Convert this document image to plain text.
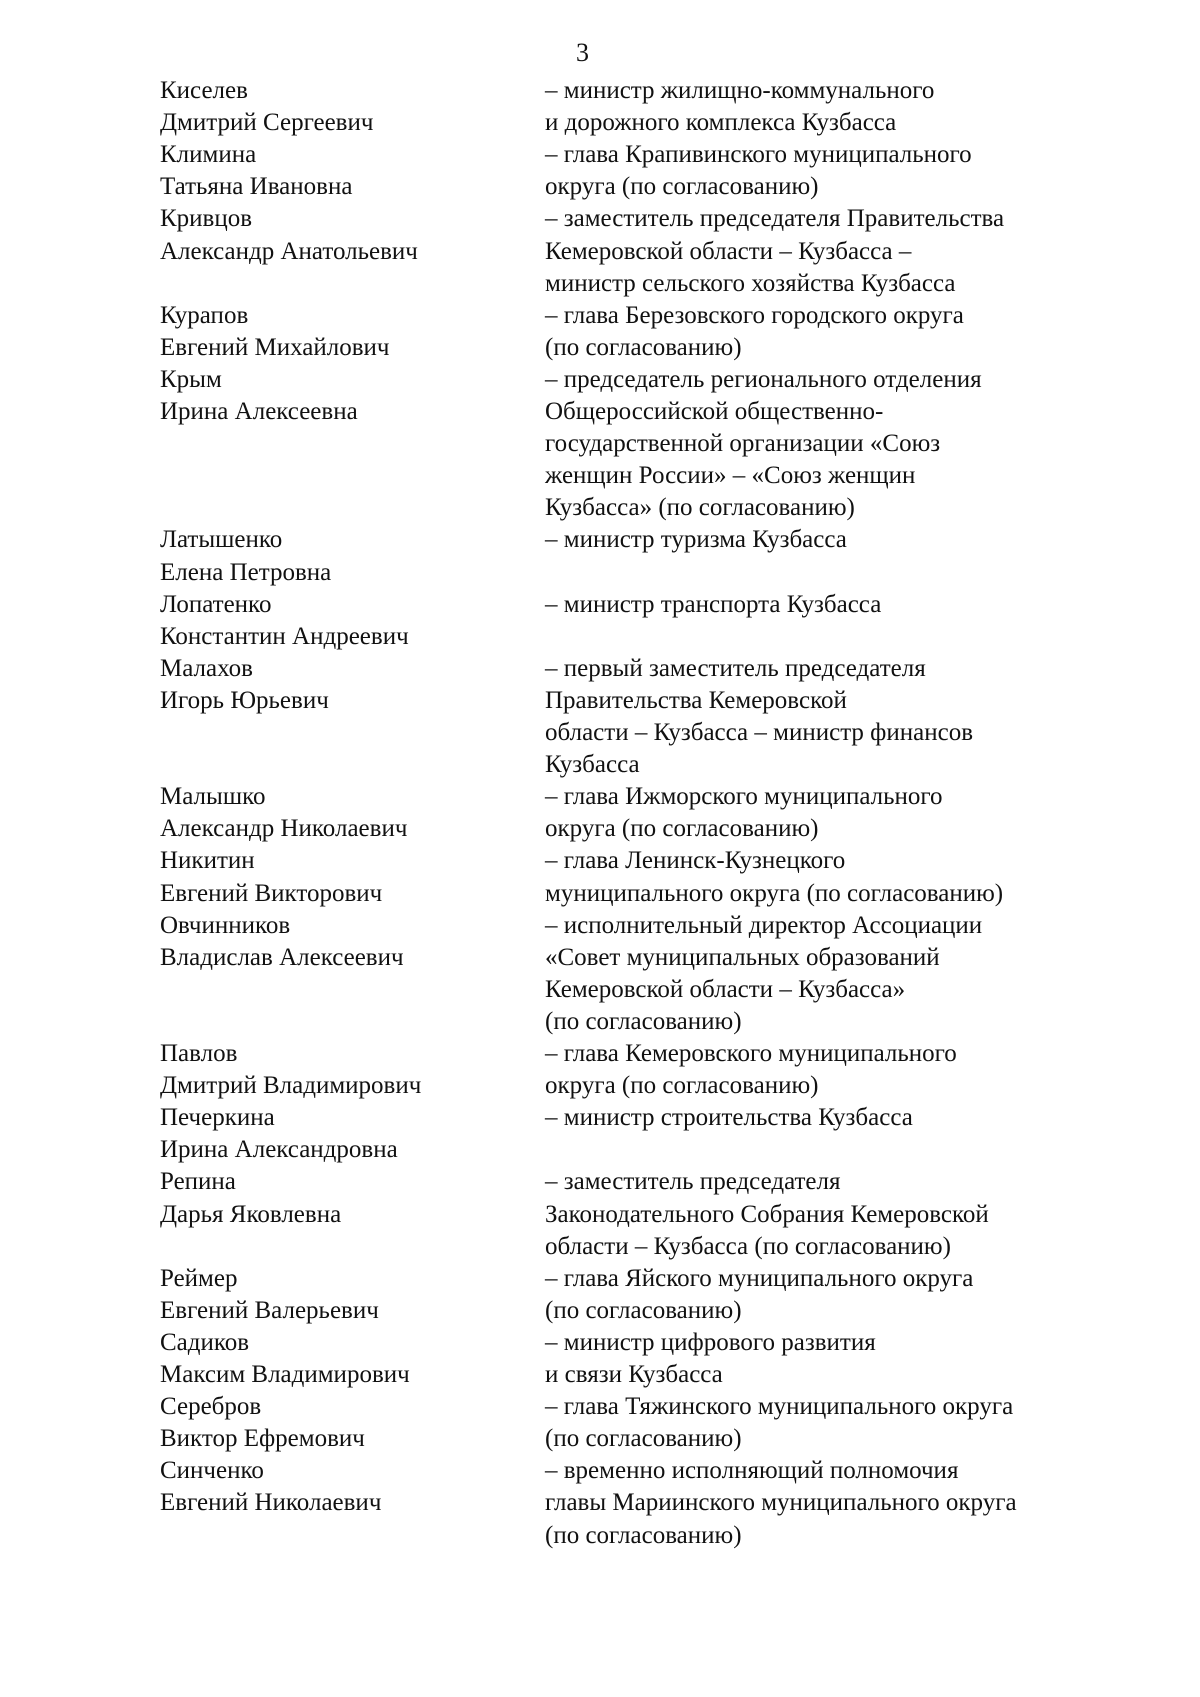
3
Киселев	– министр жилищно-коммунального
Дмитрий Сергеевич	и дорожного комплекса Кузбасса
Климина	– глава Крапивинского муниципального
Татьяна Ивановна	округа (по согласованию)
Кривцов	– заместитель председателя Правительства
Александр Анатольевич	Кемеровской области – Кузбасса –
министр сельского хозяйства Кузбасса
Курапов	– глава Березовского городского округа
Евгений Михайлович	(по согласованию)
Крым	– председатель регионального отделения
Ирина Алексеевна	Общероссийской общественно-
государственной организации «Союз
женщин России» – «Союз женщин
Кузбасса» (по согласованию)
Латышенко	– министр туризма Кузбасса
Елена Петровна
Лопатенко	– министр транспорта Кузбасса
Константин Андреевич
Малахов	– первый заместитель председателя
Игорь Юрьевич	Правительства Кемеровской
области – Кузбасса – министр финансов
Кузбасса
Малышко	– глава Ижморского муниципального
Александр Николаевич	округа (по согласованию)
Никитин	– глава Ленинск-Кузнецкого
Евгений Викторович	муниципального округа (по согласованию)
Овчинников	– исполнительный директор Ассоциации
Владислав Алексеевич	«Совет муниципальных образований
Кемеровской области – Кузбасса»
(по согласованию)
Павлов	– глава Кемеровского муниципального
Дмитрий Владимирович	округа (по согласованию)
Печеркина	– министр строительства Кузбасса
Ирина Александровна
Репина	– заместитель председателя
Дарья Яковлевна	Законодательного Собрания Кемеровской
области – Кузбасса (по согласованию)
Реймер	– глава Яйского муниципального округа
Евгений Валерьевич	(по согласованию)
Садиков	– министр цифрового развития
Максим Владимирович	и связи Кузбасса
Серебров	– глава Тяжинского муниципального округа
Виктор Ефремович	(по согласованию)
Синченко	– временно исполняющий полномочия
Евгений Николаевич	главы Мариинского муниципального округа
(по согласованию)
